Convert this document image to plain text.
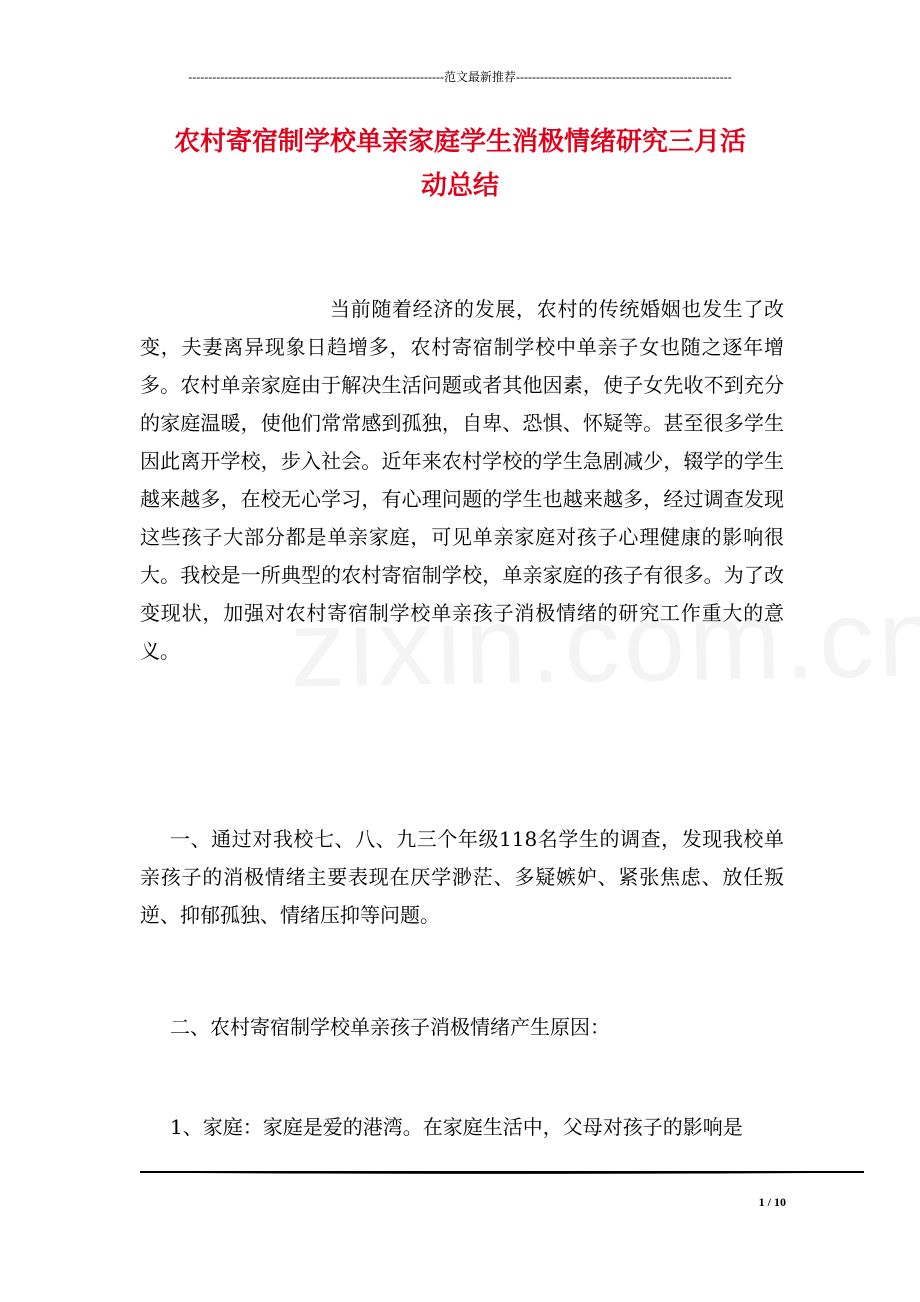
----------------------------------------------------------------范文最新推荐------------------------------------------------------
农村寄宿制学校单亲家庭学生消极情绪研究三月活
动总结
当前随着经济的发展，农村的传统婚姻也发生了改变，夫妻离异现象日趋增多，农村寄宿制学校中单亲子女也随之逐年增多。农村单亲家庭由于解决生活问题或者其他因素，使子女先收不到充分的家庭温暖，使他们常常感到孤独，自卑、恐惧、怀疑等。甚至很多学生因此离开学校，步入社会。近年来农村学校的学生急剧减少，辍学的学生越来越多，在校无心学习，有心理问题的学生也越来越多，经过调查发现这些孩子大部分都是单亲家庭，可见单亲家庭对孩子心理健康的影响很大。我校是一所典型的农村寄宿制学校，单亲家庭的孩子有很多。为了改变现状，加强对农村寄宿制学校单亲孩子消极情绪的研究工作重大的意义。
一、通过对我校七、八、九三个年级118名学生的调查，发现我校单亲孩子的消极情绪主要表现在厌学渺茫、多疑嫉妒、紧张焦虑、放任叛逆、抑郁孤独、情绪压抑等问题。
二、农村寄宿制学校单亲孩子消极情绪产生原因：
1、家庭：家庭是爱的港湾。在家庭生活中，父母对孩子的影响是
1 / 10
